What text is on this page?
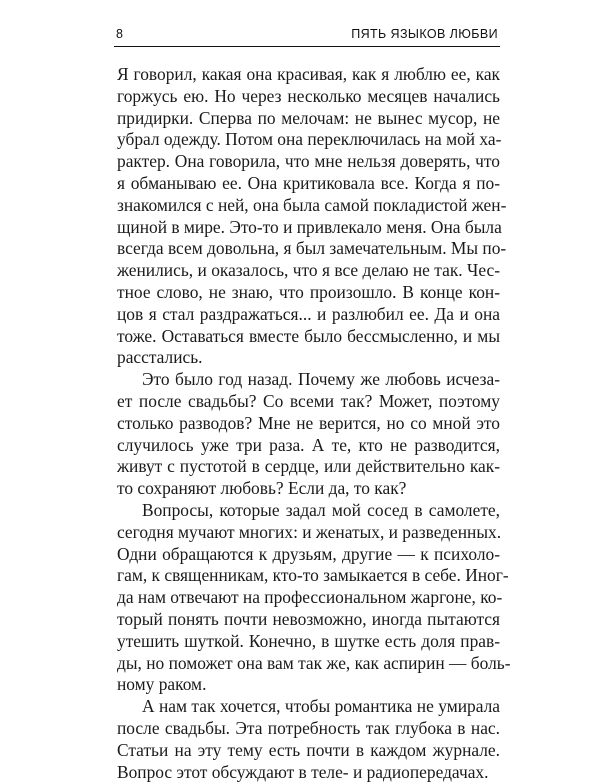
8	ПЯТЬ ЯЗЫКОВ ЛЮБВИ
Я говорил, какая она красивая, как я люблю ее, как
горжусь ею. Но через несколько месяцев начались
придирки. Сперва по мелочам: не вынес мусор, не
убрал одежду. Потом она переключилась на мой ха-
рактер. Она говорила, что мне нельзя доверять, что
я обманываю ее. Она критиковала все. Когда я по-
знакомился с ней, она была самой покладистой жен-
щиной в мире. Это-то и привлекало меня. Она была
всегда всем довольна, я был замечательным. Мы по-
женились, и оказалось, что я все делаю не так. Чес-
тное слово, не знаю, что произошло. В конце кон-
цов я стал раздражаться... и разлюбил ее. Да и она
тоже. Оставаться вместе было бессмысленно, и мы
расстались.
Это было год назад. Почему же любовь исчеза-
ет после свадьбы? Со всеми так? Может, поэтому
столько разводов? Мне не верится, но со мной это
случилось уже три раза. А те, кто не разводится,
живут с пустотой в сердце, или действительно как-
то сохраняют любовь? Если да, то как?
Вопросы, которые задал мой сосед в самолете,
сегодня мучают многих: и женатых, и разведенных.
Одни обращаются к друзьям, другие — к психоло-
гам, к священникам, кто-то замыкается в себе. Иног-
да нам отвечают на профессиональном жаргоне, ко-
торый понять почти невозможно, иногда пытаются
утешить шуткой. Конечно, в шутке есть доля прав-
ды, но поможет она вам так же, как аспирин — боль-
ному раком.
А нам так хочется, чтобы романтика не умирала
после свадьбы. Эта потребность так глубока в нас.
Статьи на эту тему есть почти в каждом журнале.
Вопрос этот обсуждают в теле- и радиопередачах.
